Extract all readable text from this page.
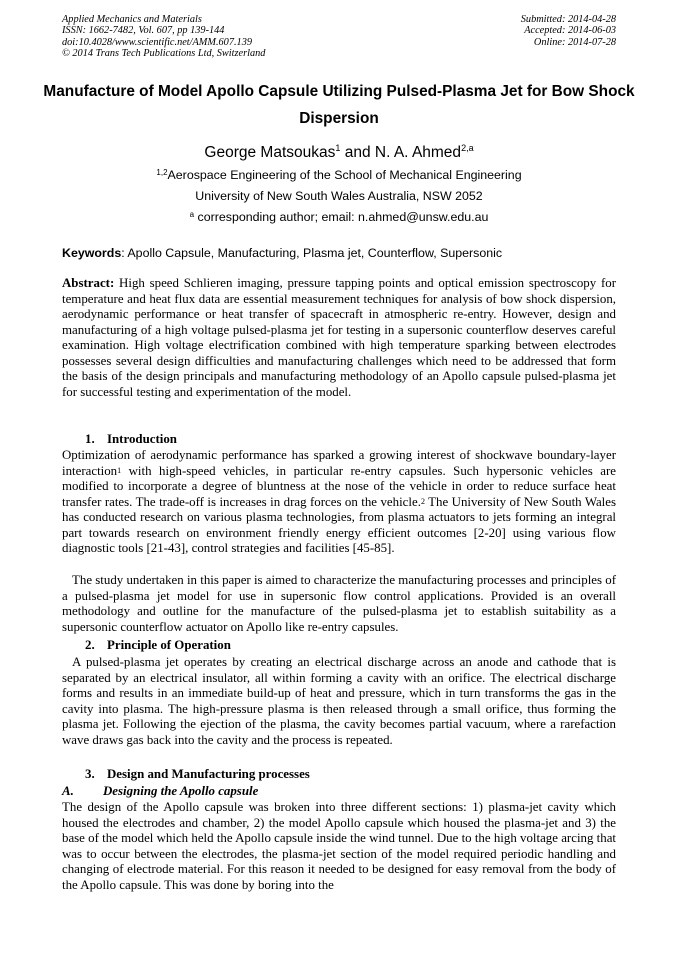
Applied Mechanics and Materials
ISSN: 1662-7482, Vol. 607, pp 139-144
doi:10.4028/www.scientific.net/AMM.607.139
© 2014 Trans Tech Publications Ltd, Switzerland
Submitted: 2014-04-28
Accepted: 2014-06-03
Online: 2014-07-28
Manufacture of Model Apollo Capsule Utilizing Pulsed-Plasma Jet for Bow Shock Dispersion
George Matsoukas$^1$ and N. A. Ahmed$^{2,a}$
$^{1,2}$Aerospace Engineering of the School of Mechanical Engineering
University of New South Wales Australia, NSW 2052
$^a$ corresponding author; email: n.ahmed@unsw.edu.au
Keywords: Apollo Capsule, Manufacturing, Plasma jet, Counterflow, Supersonic
Abstract: High speed Schlieren imaging, pressure tapping points and optical emission spectroscopy for temperature and heat flux data are essential measurement techniques for analysis of bow shock dispersion, aerodynamic performance or heat transfer of spacecraft in atmospheric re-entry. However, design and manufacturing of a high voltage pulsed-plasma jet for testing in a supersonic counterflow deserves careful examination. High voltage electrification combined with high temperature sparking between electrodes possesses several design difficulties and manufacturing challenges which need to be addressed that form the basis of the design principals and manufacturing methodology of an Apollo capsule pulsed-plasma jet for successful testing and experimentation of the model.
1. Introduction
Optimization of aerodynamic performance has sparked a growing interest of shockwave boundary-layer interaction$^1$ with high-speed vehicles, in particular re-entry capsules. Such hypersonic vehicles are modified to incorporate a degree of bluntness at the nose of the vehicle in order to reduce surface heat transfer rates. The trade-off is increases in drag forces on the vehicle.$^2$ The University of New South Wales has conducted research on various plasma technologies, from plasma actuators to jets forming an integral part towards research on environment friendly energy efficient outcomes [2-20] using various flow diagnostic tools [21-43], control strategies and facilities [45-85].
The study undertaken in this paper is aimed to characterize the manufacturing processes and principles of a pulsed-plasma jet model for use in supersonic flow control applications. Provided is an overall methodology and outline for the manufacture of the pulsed-plasma jet to establish suitability as a supersonic counterflow actuator on Apollo like re-entry capsules.
2. Principle of Operation
A pulsed-plasma jet operates by creating an electrical discharge across an anode and cathode that is separated by an electrical insulator, all within forming a cavity with an orifice. The electrical discharge forms and results in an immediate build-up of heat and pressure, which in turn transforms the gas in the cavity into plasma. The high-pressure plasma is then released through a small orifice, thus forming the plasma jet. Following the ejection of the plasma, the cavity becomes partial vacuum, where a rarefaction wave draws gas back into the cavity and the process is repeated.
3. Design and Manufacturing processes
A. Designing the Apollo capsule
The design of the Apollo capsule was broken into three different sections: 1) plasma-jet cavity which housed the electrodes and chamber, 2) the model Apollo capsule which housed the plasma-jet and 3) the base of the model which held the Apollo capsule inside the wind tunnel. Due to the high voltage arcing that was to occur between the electrodes, the plasma-jet section of the model required periodic handling and changing of electrode material. For this reason it needed to be designed for easy removal from the body of the Apollo capsule. This was done by boring into the
